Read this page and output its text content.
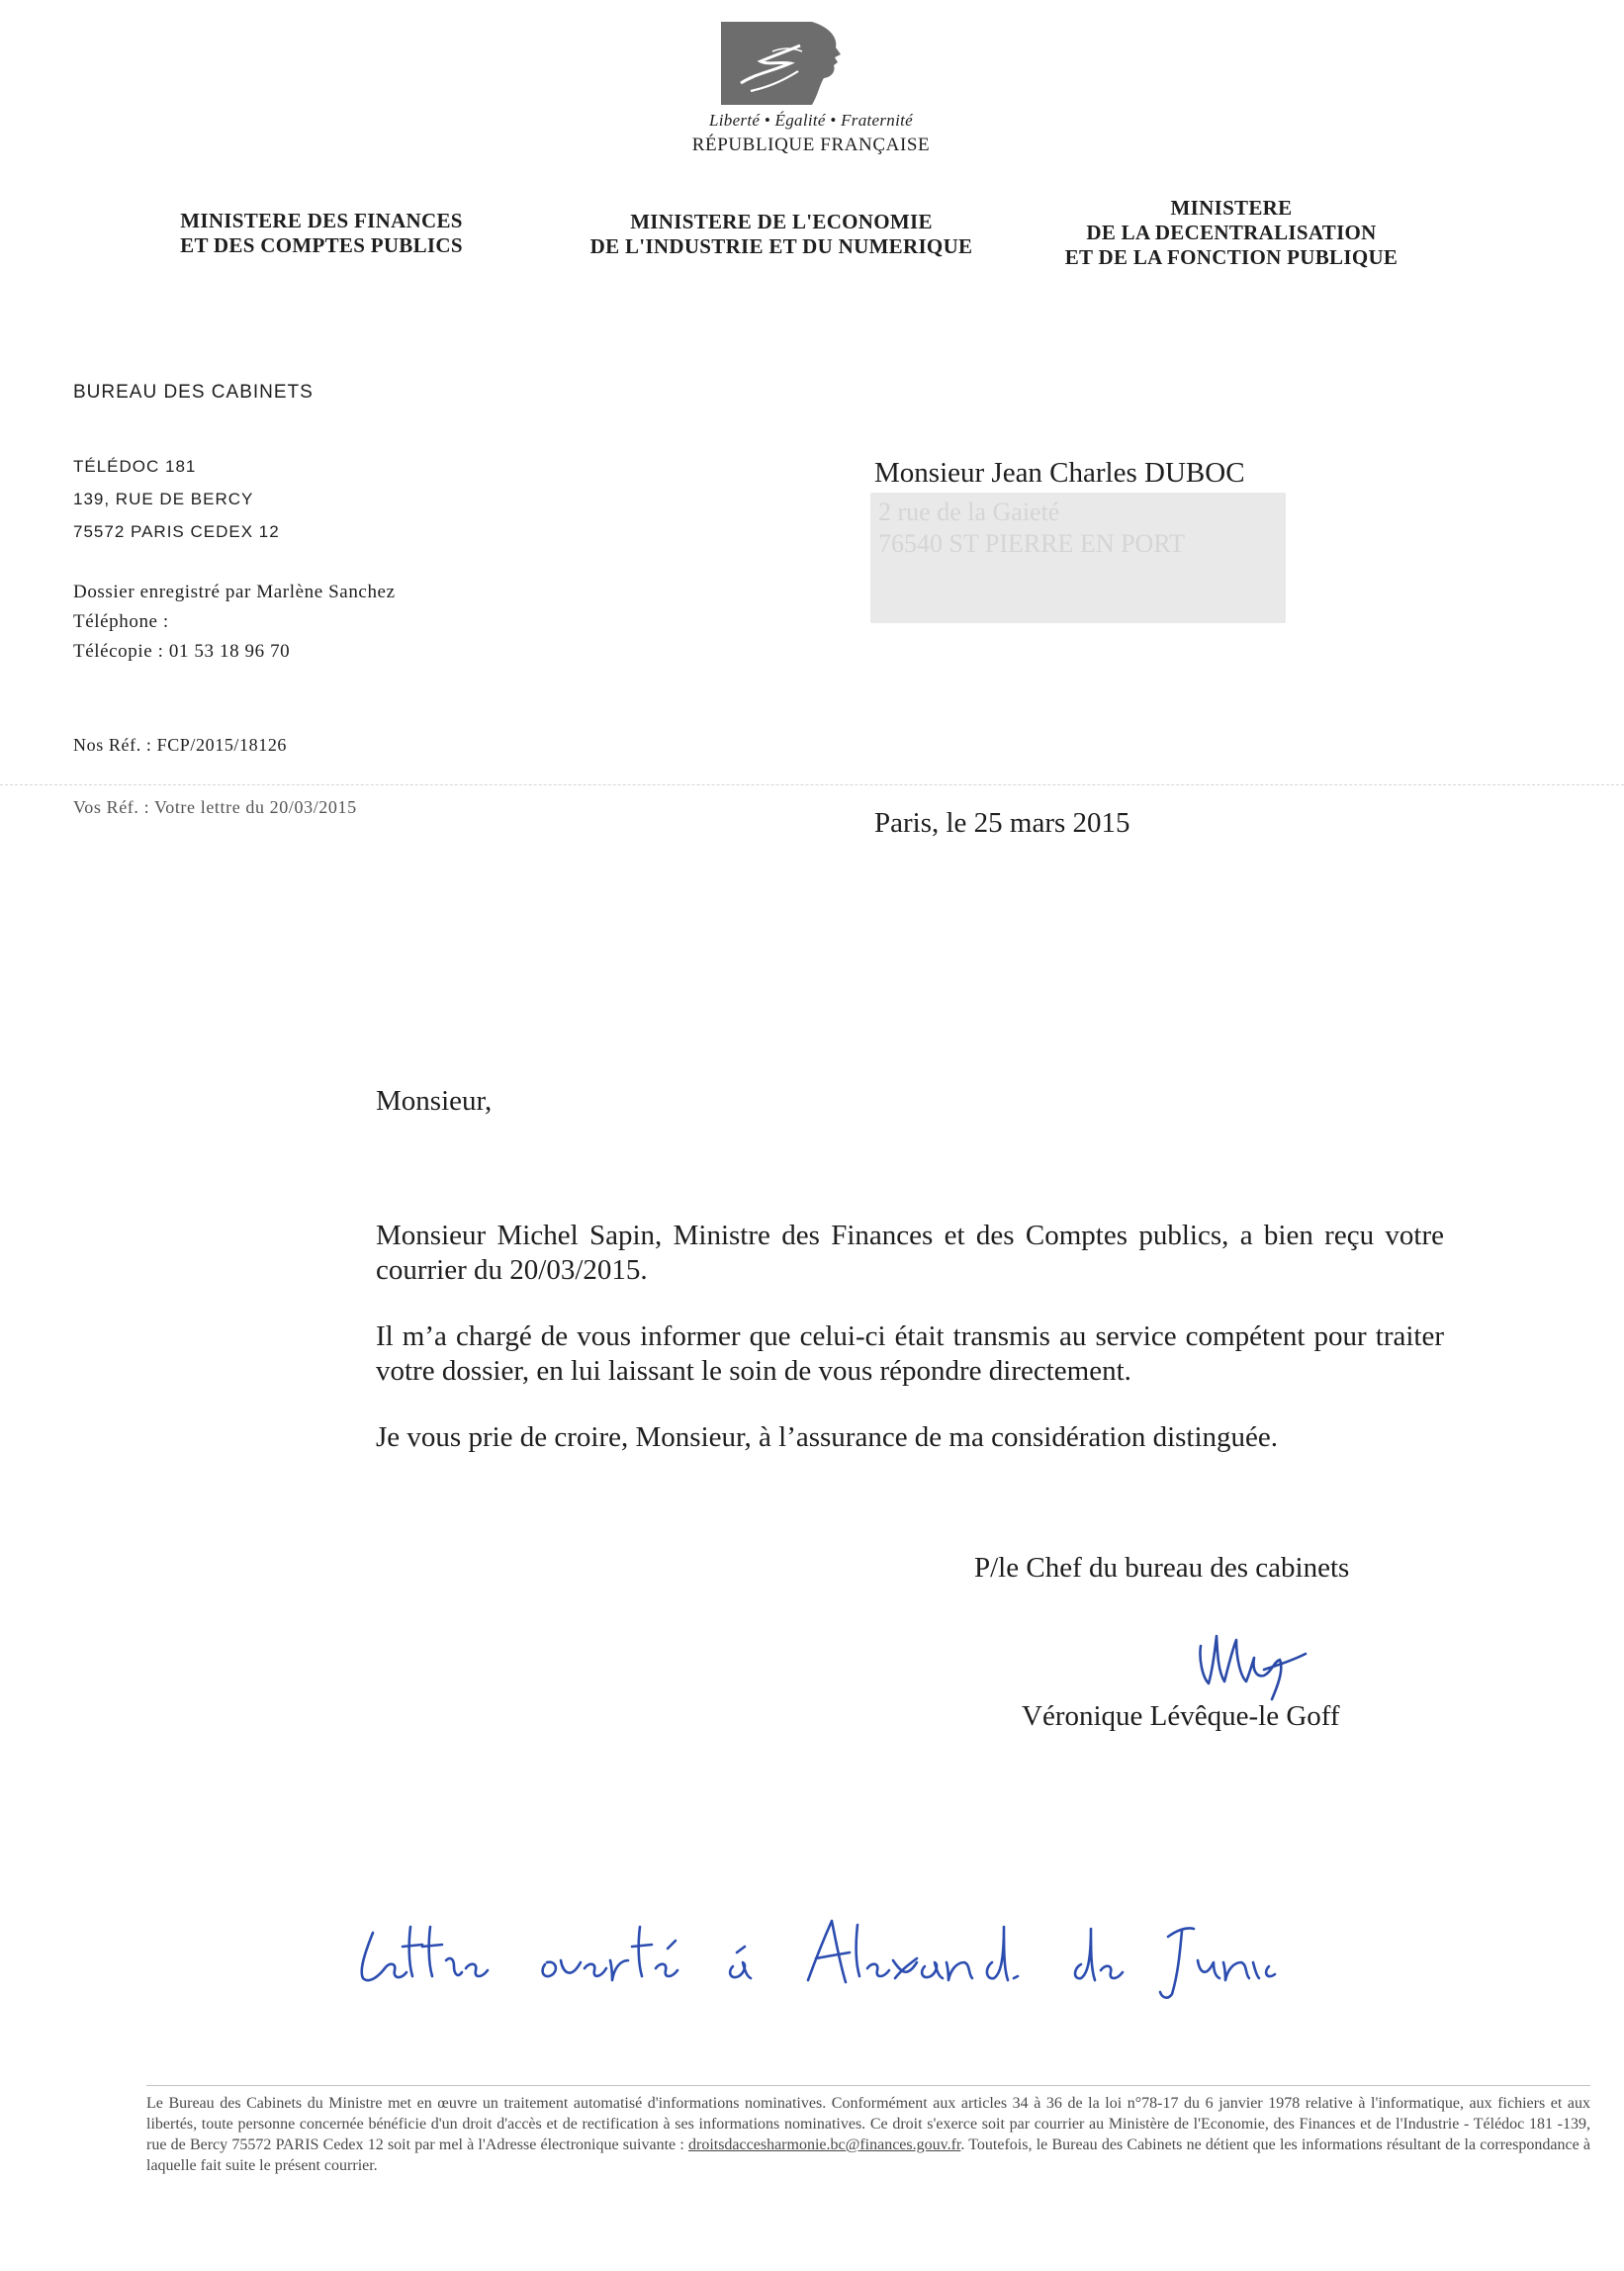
Liberté • Égalité • Fraternité
RÉPUBLIQUE FRANÇAISE
MINISTERE DES FINANCES
ET DES COMPTES PUBLICS
MINISTERE DE L'ECONOMIE
DE L'INDUSTRIE ET DU NUMERIQUE
MINISTERE
DE LA DECENTRALISATION
ET DE LA FONCTION PUBLIQUE
BUREAU DES CABINETS
TÉLÉDOC 181
139, RUE DE BERCY
75572 PARIS CEDEX 12
Dossier enregistré par Marlène Sanchez
Téléphone :
Télécopie : 01 53 18 96 70
Nos Réf. : FCP/2015/18126
Vos Réf. : Votre lettre du 20/03/2015
Monsieur Jean Charles DUBOC
2 rue de la Gaieté
76540 ST PIERRE EN PORT
Paris, le 25 mars 2015
Monsieur,
Monsieur Michel Sapin, Ministre des Finances et des Comptes publics, a bien reçu votre courrier du 20/03/2015.
Il m’a chargé de vous informer que celui-ci était transmis au service compétent pour traiter votre dossier, en lui laissant le soin de vous répondre directement.
Je vous prie de croire, Monsieur, à l’assurance de ma considération distinguée.
P/le Chef du bureau des cabinets
Véronique Lévêque-le Goff
Le Bureau des Cabinets du Ministre met en œuvre un traitement automatisé d'informations nominatives. Conformément aux articles 34 à 36 de la loi n°78-17 du 6 janvier 1978 relative à l'informatique, aux fichiers et aux libertés, toute personne concernée bénéficie d'un droit d'accès et de rectification à ses informations nominatives. Ce droit s'exerce soit par courrier au Ministère de l'Economie, des Finances et de l'Industrie - Télédoc 181 -139, rue de Bercy 75572 PARIS Cedex 12 soit par mel à l'Adresse électronique suivante : droitsdaccesharmonie.bc@finances.gouv.fr. Toutefois, le Bureau des Cabinets ne détient que les informations résultant de la correspondance à laquelle fait suite le présent courrier.
